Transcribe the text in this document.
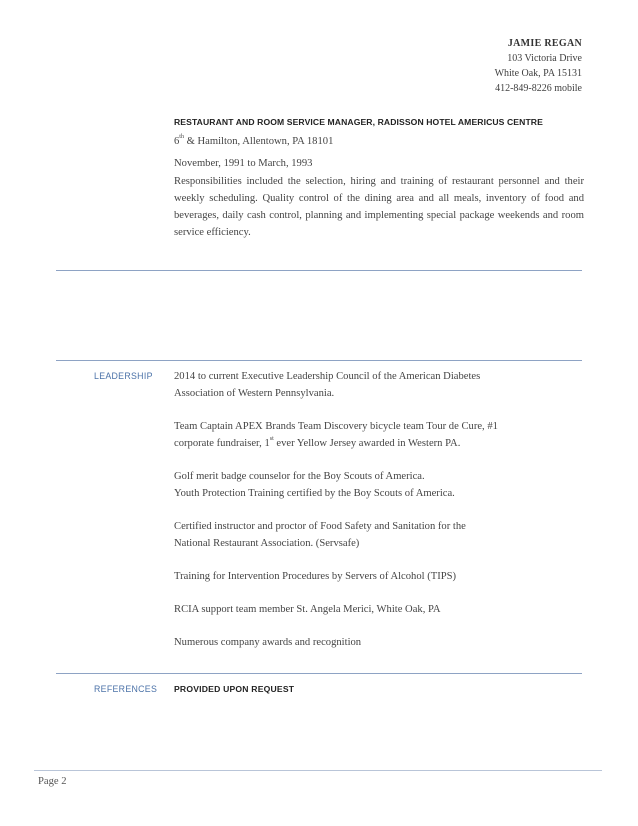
JAMIE REGAN
103 Victoria Drive
White Oak, PA 15131
412-849-8226 mobile
RESTAURANT AND ROOM SERVICE MANAGER, RADISSON HOTEL AMERICUS CENTRE
6th & Hamilton, Allentown, PA 18101
November, 1991 to March, 1993
Responsibilities included the selection, hiring and training of restaurant personnel and their weekly scheduling. Quality control of the dining area and all meals, inventory of food and beverages, daily cash control, planning and implementing special package weekends and room service efficiency.
LEADERSHIP 2014 to current Executive Leadership Council of the American Diabetes
Association of Western Pennsylvania.
Team Captain APEX Brands Team Discovery bicycle team Tour de Cure, #1
corporate fundraiser, 1st ever Yellow Jersey awarded in Western PA.
Golf merit badge counselor for the Boy Scouts of America.
Youth Protection Training certified by the Boy Scouts of America.
Certified instructor and proctor of Food Safety and Sanitation for the
National Restaurant Association. (Servsafe)
Training for Intervention Procedures by Servers of Alcohol (TIPS)
RCIA support team member St. Angela Merici, White Oak, PA
Numerous company awards and recognition
REFERENCES PROVIDED UPON REQUEST
Page 2
